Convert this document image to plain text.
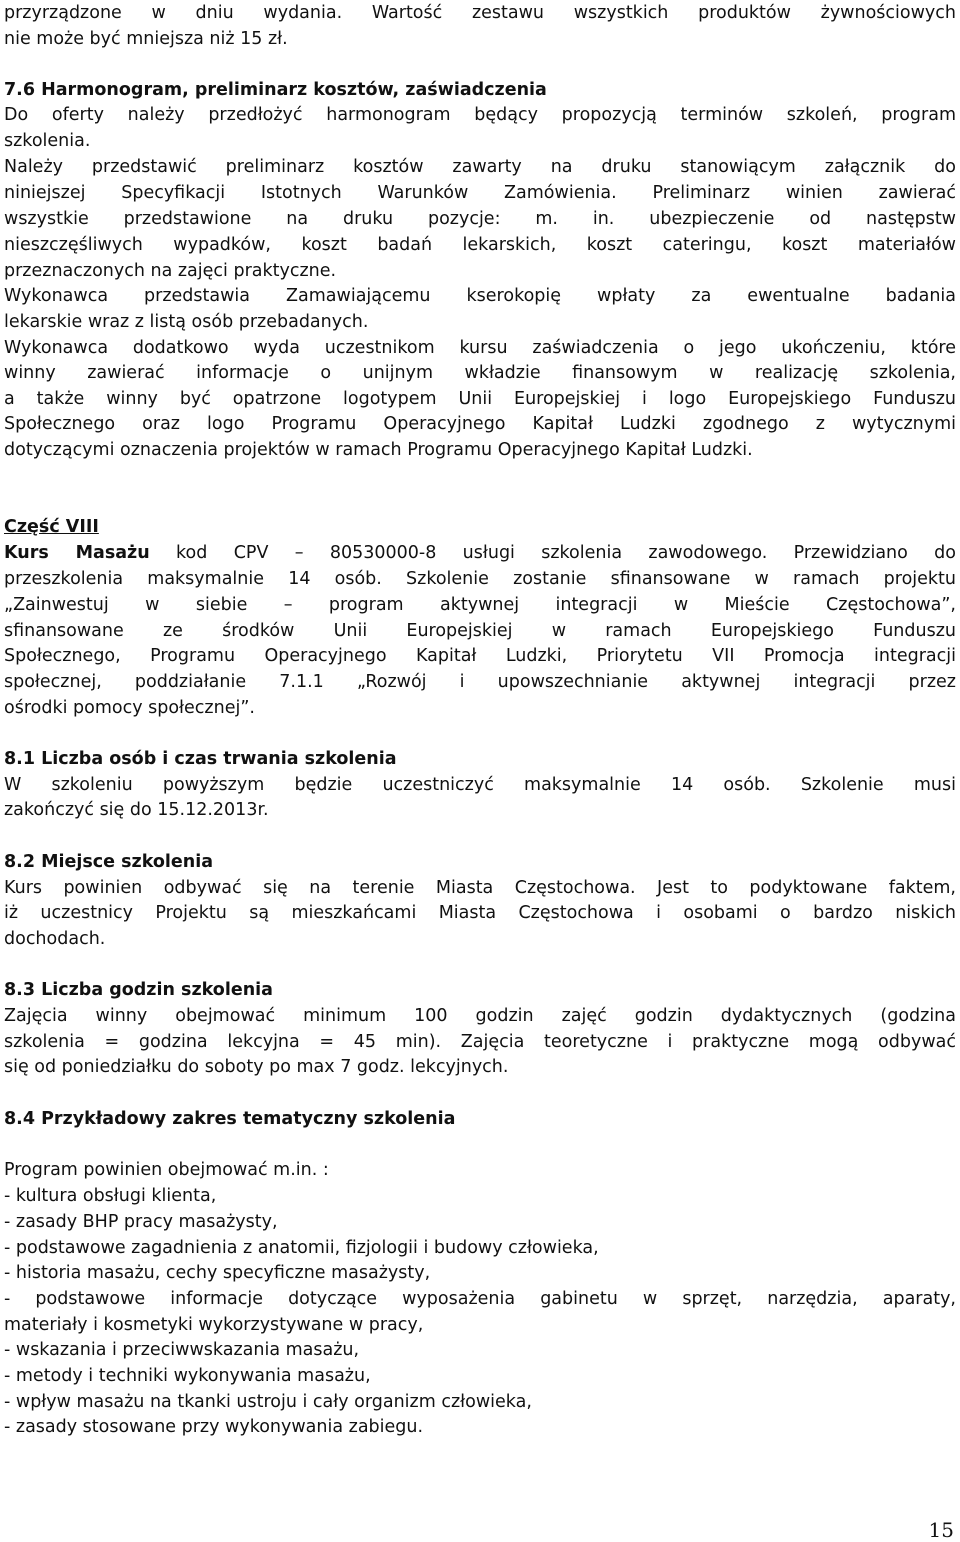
przyrządzone w dniu wydania. Wartość zestawu wszystkich produktów żywnościowych
nie może być mniejsza niż 15 zł.
7.6 Harmonogram, preliminarz kosztów, zaświadczenia
Do oferty należy przedłożyć harmonogram będący propozycją terminów szkoleń, program
szkolenia.
Należy przedstawić preliminarz kosztów zawarty na druku stanowiącym załącznik do
niniejszej Specyfikacji Istotnych Warunków Zamówienia. Preliminarz winien zawierać
wszystkie przedstawione na druku pozycje: m. in. ubezpieczenie od następstw
nieszczęśliwych wypadków, koszt badań lekarskich, koszt cateringu, koszt materiałów
przeznaczonych na zajęci praktyczne.
Wykonawca przedstawia Zamawiającemu kserokopię wpłaty za ewentualne badania
lekarskie wraz z listą osób przebadanych.
Wykonawca dodatkowo wyda uczestnikom kursu zaświadczenia o jego ukończeniu, które
winny zawierać informacje o unijnym wkładzie finansowym w realizację szkolenia,
a także winny być opatrzone logotypem Unii Europejskiej i logo Europejskiego Funduszu
Społecznego oraz logo Programu Operacyjnego Kapitał Ludzki zgodnego z wytycznymi
dotyczącymi oznaczenia projektów w ramach Programu Operacyjnego Kapitał Ludzki.
Część VIII
Kurs Masażu kod CPV – 80530000-8 usługi szkolenia zawodowego. Przewidziano do
przeszkolenia maksymalnie 14 osób. Szkolenie zostanie sfinansowane w ramach projektu
„Zainwestuj w siebie – program aktywnej integracji w Mieście Częstochowa”,
sfinansowane ze środków Unii Europejskiej w ramach Europejskiego Funduszu
Społecznego, Programu Operacyjnego Kapitał Ludzki, Priorytetu VII Promocja integracji
społecznej, poddziałanie 7.1.1 „Rozwój i upowszechnianie aktywnej integracji przez
ośrodki pomocy społecznej”.
8.1 Liczba osób i czas trwania szkolenia
W szkoleniu powyższym będzie uczestniczyć maksymalnie 14 osób. Szkolenie musi
zakończyć się do 15.12.2013r.
8.2 Miejsce szkolenia
Kurs powinien odbywać się na terenie Miasta Częstochowa. Jest to podyktowane faktem,
iż uczestnicy Projektu są mieszkańcami Miasta Częstochowa i osobami o bardzo niskich
dochodach.
8.3 Liczba godzin szkolenia
Zajęcia winny obejmować minimum 100 godzin zajęć godzin dydaktycznych (godzina
szkolenia = godzina lekcyjna = 45 min). Zajęcia teoretyczne i praktyczne mogą odbywać
się od poniedziałku do soboty po max 7 godz. lekcyjnych.
8.4 Przykładowy zakres tematyczny szkolenia
Program powinien obejmować m.in. :
- kultura obsługi klienta,
- zasady BHP pracy masażysty,
- podstawowe zagadnienia z anatomii, fizjologii i budowy człowieka,
- historia masażu, cechy specyficzne masażysty,
- podstawowe informacje dotyczące wyposażenia gabinetu w sprzęt, narzędzia, aparaty,
materiały i kosmetyki wykorzystywane w pracy,
- wskazania i przeciwwskazania masażu,
- metody i techniki wykonywania masażu,
- wpływ masażu na tkanki ustroju i cały organizm człowieka,
- zasady stosowane przy wykonywania zabiegu.
15
